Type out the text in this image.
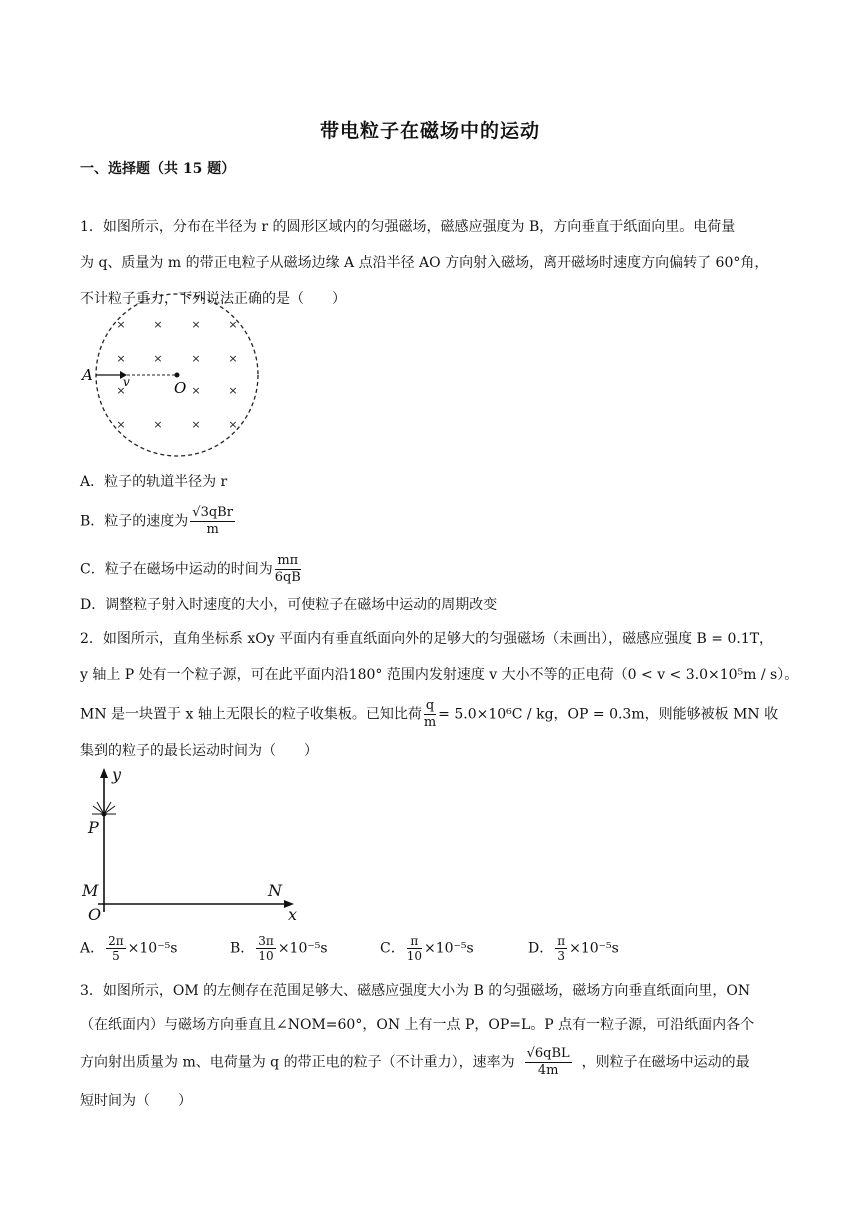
带电粒子在磁场中的运动
一、选择题（共 15 题）
1．如图所示，分布在半径为 r 的圆形区域内的匀强磁场，磁感应强度为 B，方向垂直于纸面向里。电荷量
为 q、质量为 m 的带正电粒子从磁场边缘 A 点沿半径 AO 方向射入磁场，离开磁场时速度方向偏转了 60°角，
不计粒子重力，下列说法正确的是（　　）
×	×	×	×
×	×	×	×
×	×	×
×	×	×	×
A	v	O
A．粒子的轨道半径为 r
B．粒子的速度为 $\frac{\text{√3qBr}}{m}$
C．粒子在磁场中运动的时间为 $\frac{m\pi}{6qB}$
D．调整粒子射入时速度的大小，可使粒子在磁场中运动的周期改变
2．如图所示，直角坐标系 xOy 平面内有垂直纸面向外的足够大的匀强磁场（未画出），磁感应强度 B = 0.1T，
y 轴上 P 处有一个粒子源，可在此平面内沿180° 范围内发射速度 v 大小不等的正电荷（0 < v < 3.0×10⁵m / s）。
MN 是一块置于 x 轴上无限长的粒子收集板。已知比荷 $\frac{q}{m} = 5.0\times 10^6C$ / kg，OP = 0.3m，则能够被板 MN 收
集到的粒子的最长运动时间为（　　）
y
P
M	N
O	x
A． $\frac{2\pi}{5} \times 10^{-5}s$	B． $\frac{3\pi}{10} \times 10^{-5}s$	C． $\frac{\pi}{10} \times 10^{-5}s$	D． $\frac{\pi}{3} \times 10^{-5}s$
3．如图所示，OM 的左侧存在范围足够大、磁感应强度大小为 B 的匀强磁场，磁场方向垂直纸面向里，ON
（在纸面内）与磁场方向垂直且∠NOM=60°，ON 上有一点 P，OP=L。P 点有一粒子源，可沿纸面内各个
方向射出质量为 m、电荷量为 q 的带正电的粒子（不计重力），速率为 $\frac{\text{√6qBL}}{4m}$ ，则粒子在磁场中运动的最
短时间为（　　）
